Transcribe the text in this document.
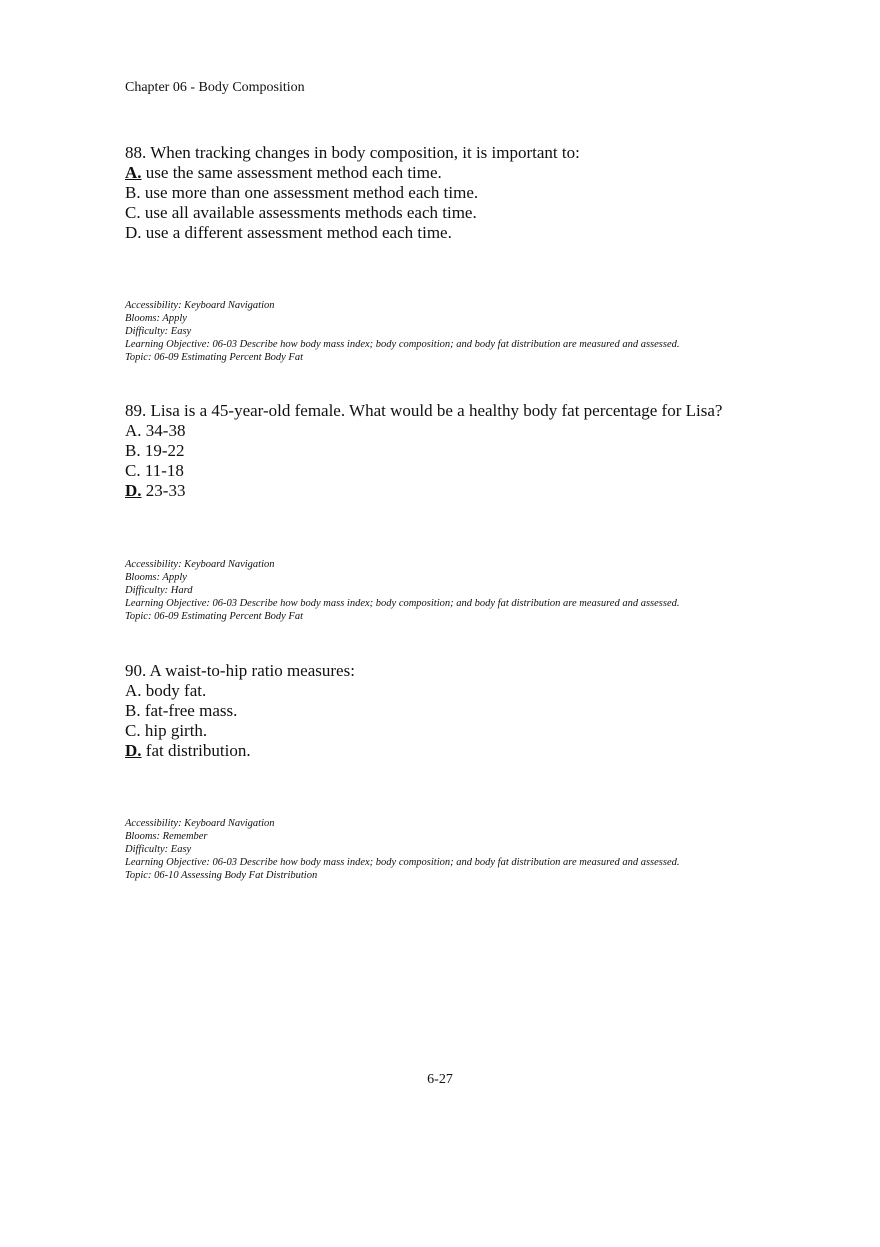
Chapter 06 - Body Composition

88. When tracking changes in body composition, it is important to:

A. use the same assessment method each time.
B. use more than one assessment method each time.
C. use all available assessments methods each time.
D. use a different assessment method each time.
Accessibility: Keyboard Navigation
Blooms: Apply
Difficulty: Easy
Learning Objective: 06-03 Describe how body mass index; body composition; and body fat distribution are measured and assessed.
Topic: 06-09 Estimating Percent Body Fat

89. Lisa is a 45-year-old female. What would be a healthy body fat percentage for Lisa?

A. 34-38
B. 19-22
C. 11-18
D. 23-33
Accessibility: Keyboard Navigation
Blooms: Apply
Difficulty: Hard
Learning Objective: 06-03 Describe how body mass index; body composition; and body fat distribution are measured and assessed.
Topic: 06-09 Estimating Percent Body Fat

90. A waist-to-hip ratio measures:

A. body fat.
B. fat-free mass.
C. hip girth.
D. fat distribution.
Accessibility: Keyboard Navigation
Blooms: Remember
Difficulty: Easy
Learning Objective: 06-03 Describe how body mass index; body composition; and body fat distribution are measured and assessed.
Topic: 06-10 Assessing Body Fat Distribution
6-27
